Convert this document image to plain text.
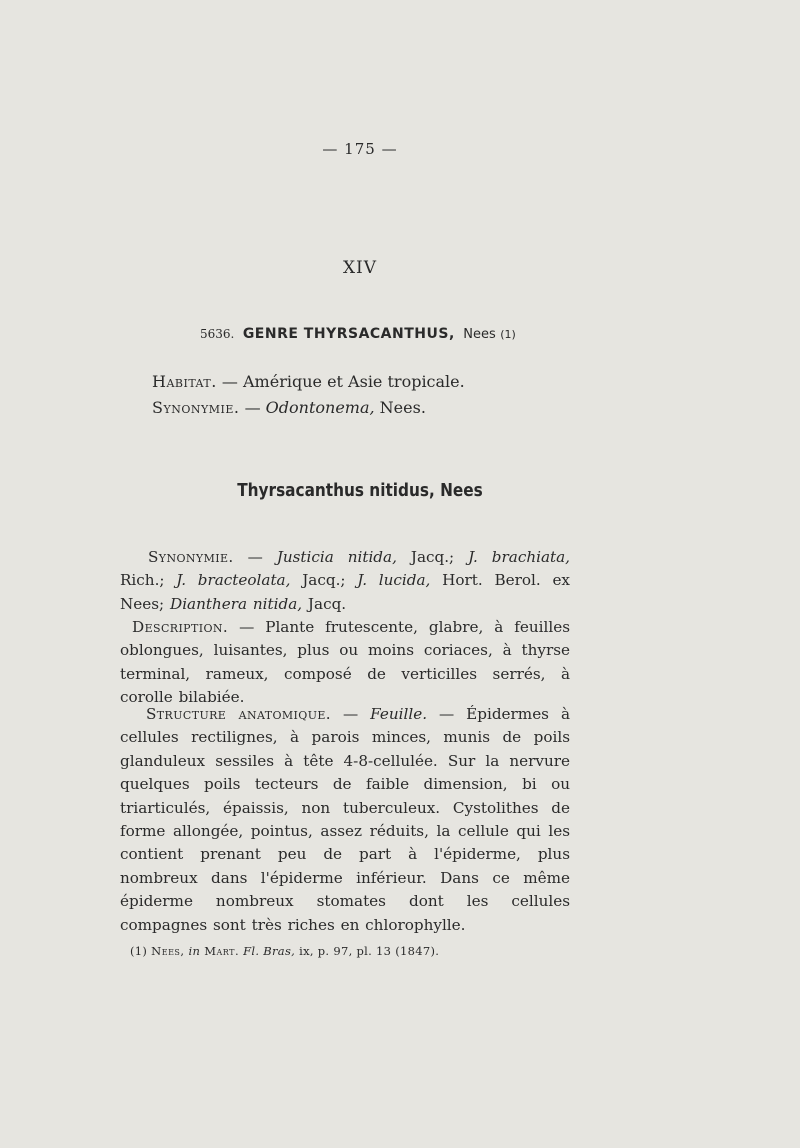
— 175 —
XIV
5636. GENRE THYRSACANTHUS, Nees (1)
Habitat. — Amérique et Asie tropicale.
Synonymie. — Odontonema, Nees.
Thyrsacanthus nitidus, Nees
Synonymie. — Justicia nitida, Jacq.; J. brachiata, Rich.; J. bracteolata, Jacq.; J. lucida, Hort. Berol. ex Nees; Dianthera nitida, Jacq.
Description. — Plante frutescente, glabre, à feuilles oblongues, luisantes, plus ou moins coriaces, à thyrse terminal, rameux, composé de verticilles serrés, à corolle bilabiée.
Structure anatomique. — Feuille. — Épidermes à cellules rectilignes, à parois minces, munis de poils glanduleux sessiles à tête 4-8-cellulée. Sur la nervure quelques poils tecteurs de faible dimension, bi ou triarticulés, épaissis, non tuberculeux. Cystolithes de forme allongée, pointus, assez réduits, la cellule qui les contient prenant peu de part à l'épiderme, plus nombreux dans l'épiderme inférieur. Dans ce même épiderme nombreux stomates dont les cellules compagnes sont très riches en chlorophylle.
(1) Nees, in Mart. Fl. Bras, ix, p. 97, pl. 13 (1847).
